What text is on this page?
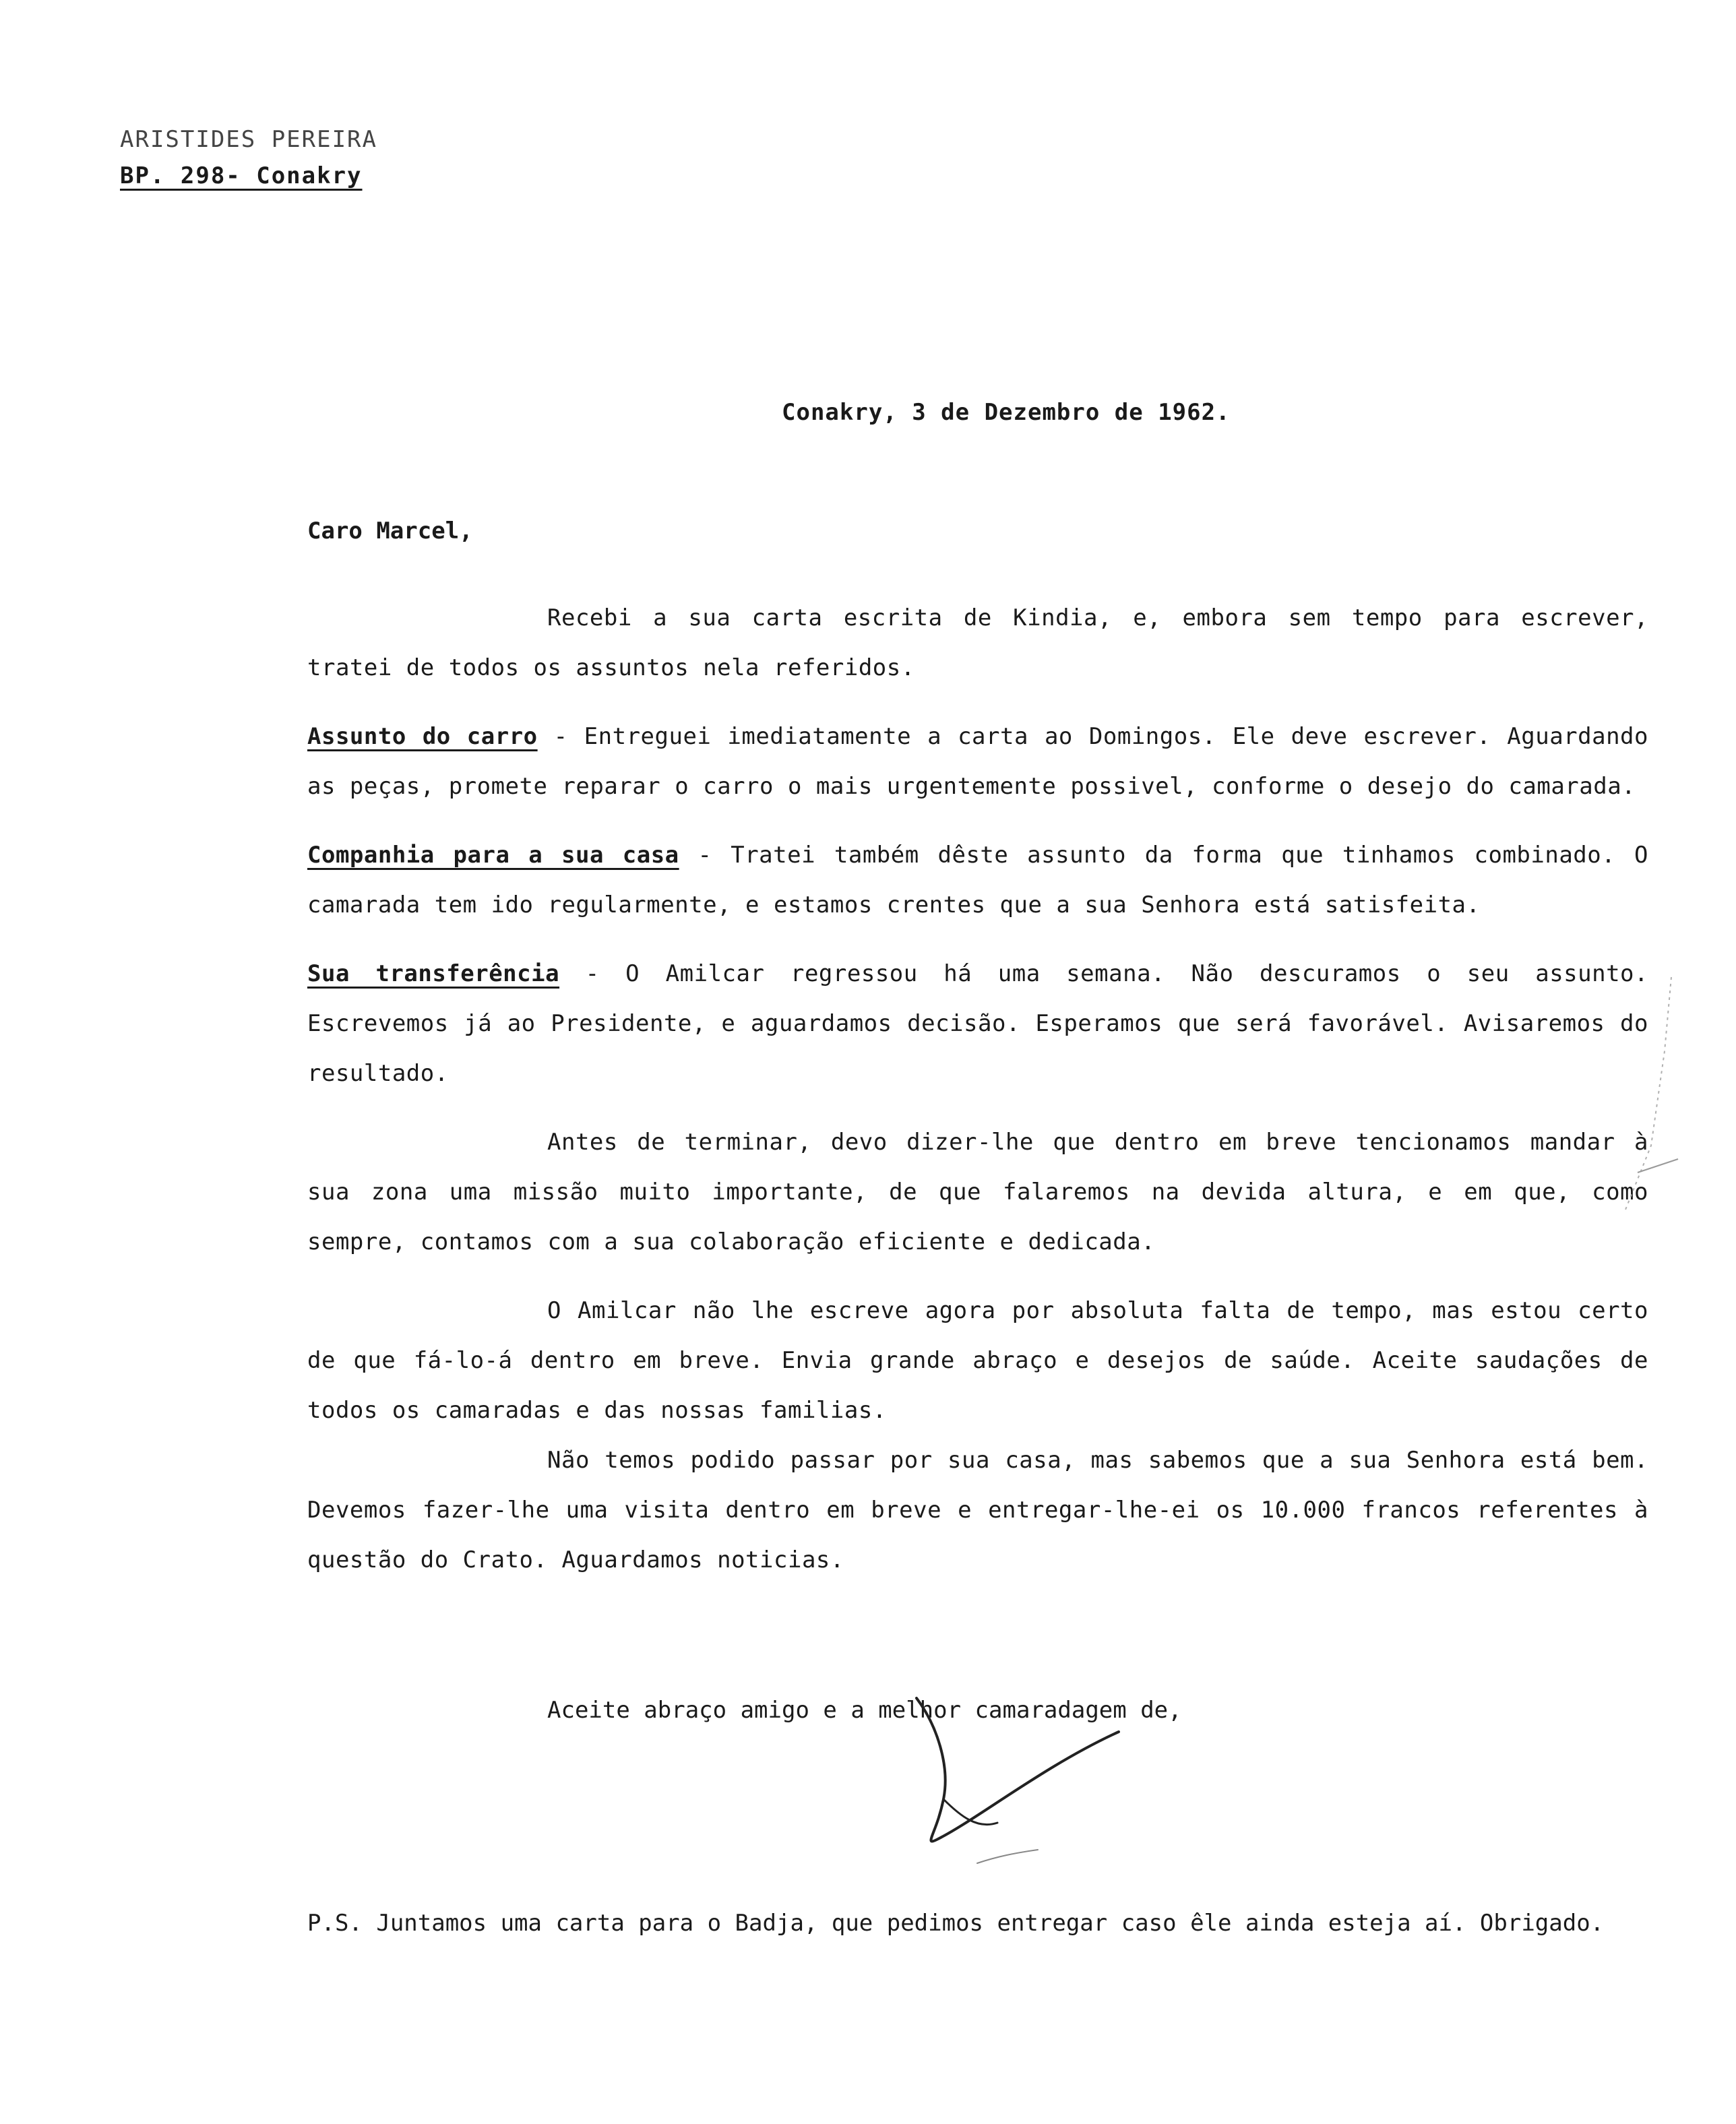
ARISTIDES PEREIRA
BP. 298- Conakry
Conakry, 3 de Dezembro de 1962.
Caro Marcel,

Recebi a sua carta escrita de Kindia, e, embora sem tempo para escrever, tratei de todos os assuntos nela referidos.

Assunto do carro - Entreguei imediatamente a carta ao Domingos. Ele deve escrever. Aguardando as peças, promete reparar o carro o mais urgentemente possivel, conforme o desejo do camarada.

Companhia para a sua casa - Tratei também dêste assunto da forma que tinhamos combinado. O camarada tem ido regularmente, e estamos crentes que a sua Senhora está satisfeita.

Sua transferência - O Amilcar regressou há uma semana. Não descuramos o seu assunto. Escrevemos já ao Presidente, e aguardamos decisão. Esperamos que será favorável. Avisaremos do resultado.

Antes de terminar, devo dizer-lhe que dentro em breve tencionamos mandar à sua zona uma missão muito importante, de que falaremos na devida altura, e em que, como sempre, contamos com a sua colaboração eficiente e dedicada.

O Amilcar não lhe escreve agora por absoluta falta de tempo, mas estou certo de que fá-lo-á dentro em breve. Envia grande abraço e desejos de saúde. Aceite saudações de todos os camaradas e das nossas familias.

Não temos podido passar por sua casa, mas sabemos que a sua Senhora está bem. Devemos fazer-lhe uma visita dentro em breve e entregar-lhe-ei os 10.000 francos referentes à questão do Crato. Aguardamos noticias.

Aceite abraço amigo e a melhor camaradagem de,
P.S. Juntamos uma carta para o Badja, que pedimos entregar caso êle ainda esteja aí. Obrigado.
